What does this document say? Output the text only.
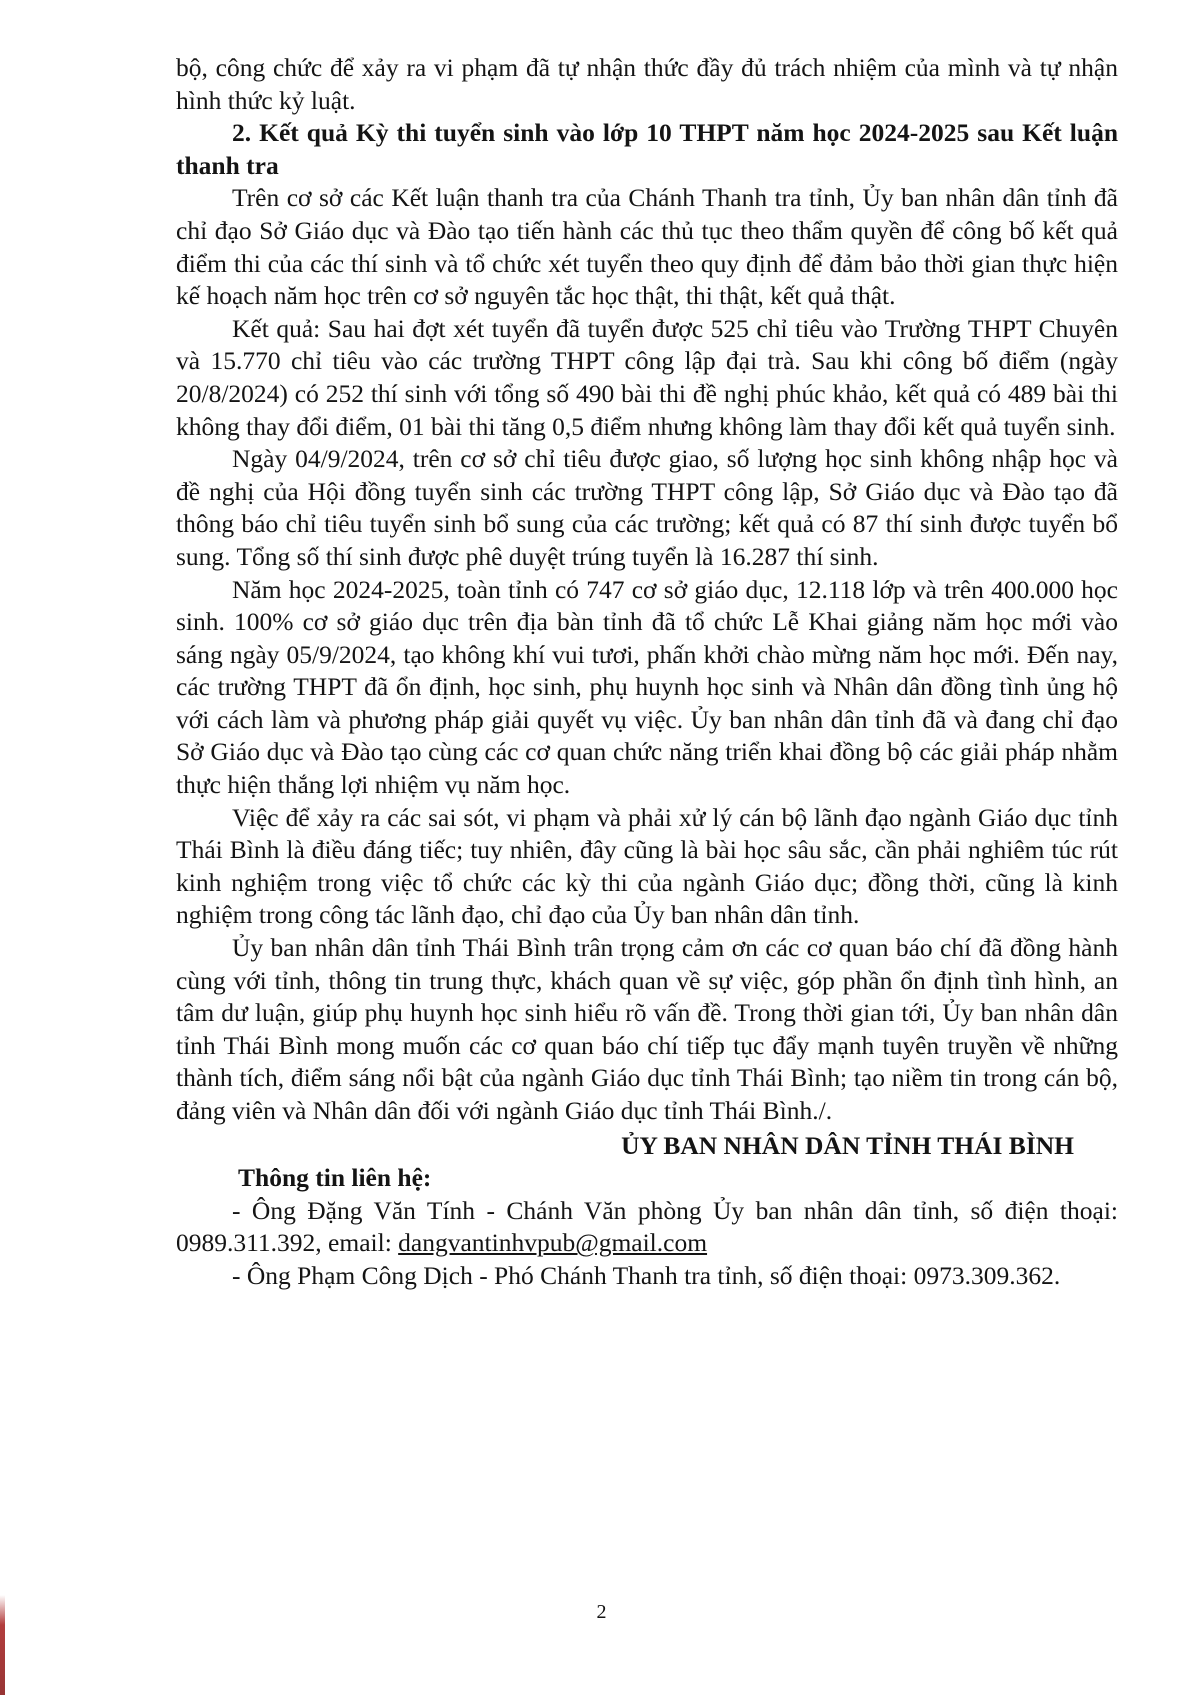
bộ, công chức để xảy ra vi phạm đã tự nhận thức đầy đủ trách nhiệm của mình và tự nhận hình thức kỷ luật.

2. Kết quả Kỳ thi tuyển sinh vào lớp 10 THPT năm học 2024-2025 sau Kết luận thanh tra

Trên cơ sở các Kết luận thanh tra của Chánh Thanh tra tỉnh, Ủy ban nhân dân tỉnh đã chỉ đạo Sở Giáo dục và Đào tạo tiến hành các thủ tục theo thẩm quyền để công bố kết quả điểm thi của các thí sinh và tổ chức xét tuyển theo quy định để đảm bảo thời gian thực hiện kế hoạch năm học trên cơ sở nguyên tắc học thật, thi thật, kết quả thật.

Kết quả: Sau hai đợt xét tuyển đã tuyển được 525 chỉ tiêu vào Trường THPT Chuyên và 15.770 chỉ tiêu vào các trường THPT công lập đại trà. Sau khi công bố điểm (ngày 20/8/2024) có 252 thí sinh với tổng số 490 bài thi đề nghị phúc khảo, kết quả có 489 bài thi không thay đổi điểm, 01 bài thi tăng 0,5 điểm nhưng không làm thay đổi kết quả tuyển sinh.

Ngày 04/9/2024, trên cơ sở chỉ tiêu được giao, số lượng học sinh không nhập học và đề nghị của Hội đồng tuyển sinh các trường THPT công lập, Sở Giáo dục và Đào tạo đã thông báo chỉ tiêu tuyển sinh bổ sung của các trường; kết quả có 87 thí sinh được tuyển bổ sung. Tổng số thí sinh được phê duyệt trúng tuyển là 16.287 thí sinh.

Năm học 2024-2025, toàn tỉnh có 747 cơ sở giáo dục, 12.118 lớp và trên 400.000 học sinh. 100% cơ sở giáo dục trên địa bàn tỉnh đã tổ chức Lễ Khai giảng năm học mới vào sáng ngày 05/9/2024, tạo không khí vui tươi, phấn khởi chào mừng năm học mới. Đến nay, các trường THPT đã ổn định, học sinh, phụ huynh học sinh và Nhân dân đồng tình ủng hộ với cách làm và phương pháp giải quyết vụ việc. Ủy ban nhân dân tỉnh đã và đang chỉ đạo Sở Giáo dục và Đào tạo cùng các cơ quan chức năng triển khai đồng bộ các giải pháp nhằm thực hiện thắng lợi nhiệm vụ năm học.

Việc để xảy ra các sai sót, vi phạm và phải xử lý cán bộ lãnh đạo ngành Giáo dục tỉnh Thái Bình là điều đáng tiếc; tuy nhiên, đây cũng là bài học sâu sắc, cần phải nghiêm túc rút kinh nghiệm trong việc tổ chức các kỳ thi của ngành Giáo dục; đồng thời, cũng là kinh nghiệm trong công tác lãnh đạo, chỉ đạo của Ủy ban nhân dân tỉnh.

Ủy ban nhân dân tỉnh Thái Bình trân trọng cảm ơn các cơ quan báo chí đã đồng hành cùng với tỉnh, thông tin trung thực, khách quan về sự việc, góp phần ổn định tình hình, an tâm dư luận, giúp phụ huynh học sinh hiểu rõ vấn đề. Trong thời gian tới, Ủy ban nhân dân tỉnh Thái Bình mong muốn các cơ quan báo chí tiếp tục đẩy mạnh tuyên truyền về những thành tích, điểm sáng nổi bật của ngành Giáo dục tỉnh Thái Bình; tạo niềm tin trong cán bộ, đảng viên và Nhân dân đối với ngành Giáo dục tỉnh Thái Bình./.

ỦY BAN NHÂN DÂN TỈNH THÁI BÌNH

Thông tin liên hệ:

- Ông Đặng Văn Tính - Chánh Văn phòng Ủy ban nhân dân tỉnh, số điện thoại: 0989.311.392, email: dangvantinhvpub@gmail.com

- Ông Phạm Công Dịch - Phó Chánh Thanh tra tỉnh, số điện thoại: 0973.309.362.

2
